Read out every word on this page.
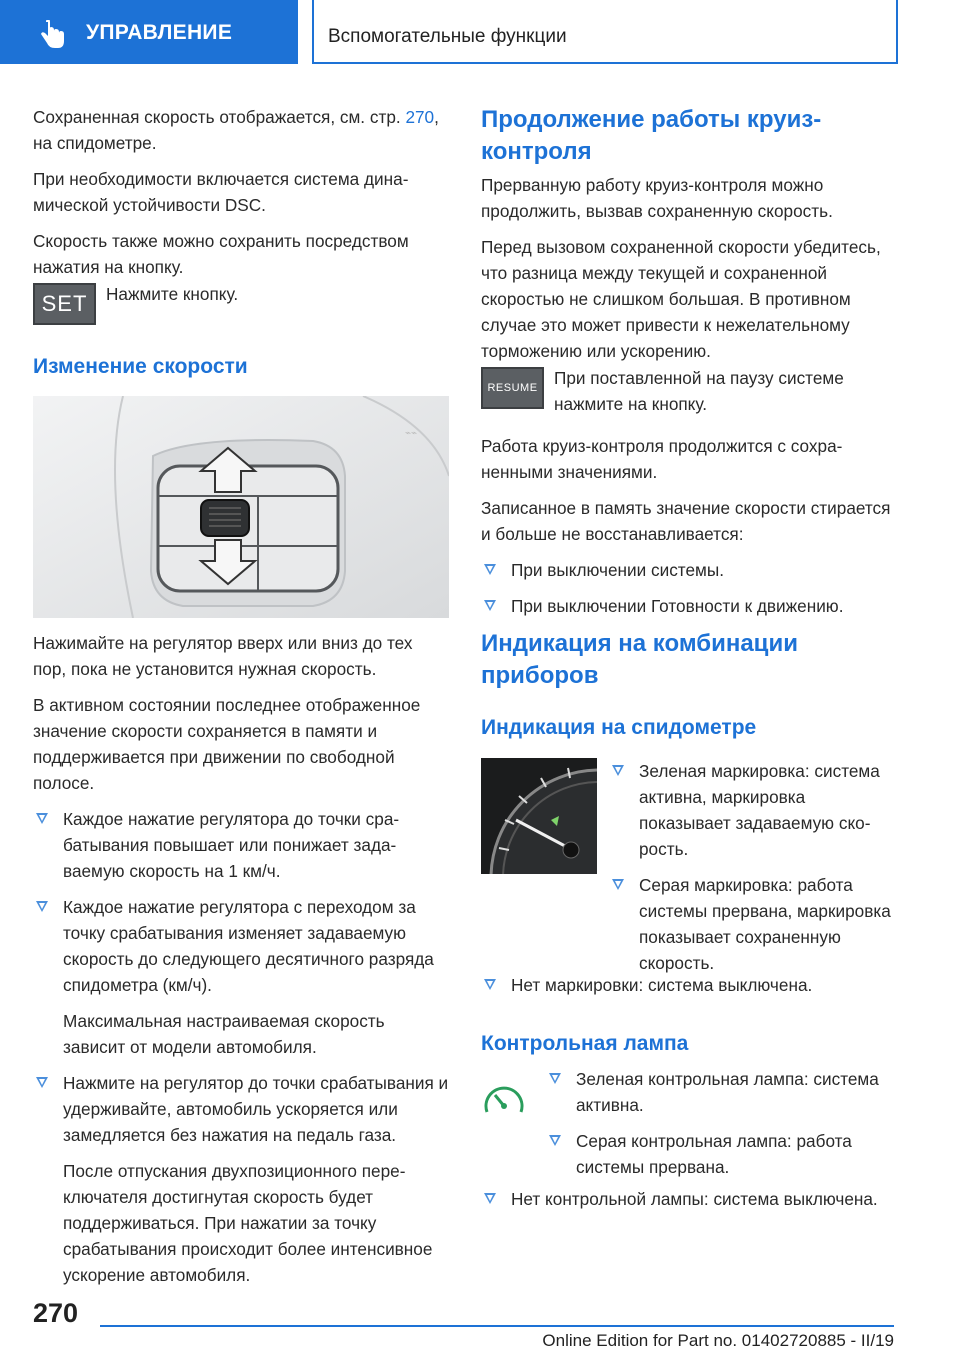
УПРАВЛЕНИЕ	Вспомогательные функции

Сохраненная скорость отображается, см. стр. 270, на спидометре.

При необходимости включается система динамической устойчивости DSC.

Скорость также можно сохранить посредством нажатия на кнопку.

SET Нажмите кнопку.
Изменение скорости
⌁⌁

Нажимайте на регулятор вверх или вниз до тех пор, пока не установится нужная скорость.

В активном состоянии последнее отображенное значение скорости сохраняется в памяти и поддерживается при движении по свободной полосе.

Каждое нажатие регулятора до точки срабатывания повышает или понижает задаваемую скорость на 1 км/ч.
Каждое нажатие регулятора с переходом за точку срабатывания изменяет задаваемую скорость до следующего десятичного разряда спидометра (км/ч).
Максимальная настраиваемая скорость зависит от модели автомобиля.
Нажмите на регулятор до точки срабатывания и удерживайте, автомобиль ускоряется или замедляется без нажатия на педаль газа.
После отпускания двухпозиционного переключателя достигнутая скорость будет поддерживаться. При нажатии за точку срабатывания происходит более интенсивное ускорение автомобиля.
Продолжение работы круиз-контроля

Прерванную работу круиз-контроля можно продолжить, вызвав сохраненную скорость.

Перед вызовом сохраненной скорости убедитесь, что разница между текущей и сохраненной скоростью не слишком большая. В противном случае это может привести к нежелательному торможению или ускорению.

RESUME При поставленной на паузу системе нажмите на кнопку.

Работа круиз-контроля продолжится с сохраненными значениями.

Записанное в память значение скорости стирается и больше не восстанавливается:

При выключении системы.
При выключении Готовности к движению.
Индикация на комбинации приборов
Индикация на спидометре
Зеленая маркировка: система активна, маркировка показывает задаваемую скорость.
Серая маркировка: работа системы прервана, маркировка показывает сохраненную скорость.
Нет маркировки: система выключена.
Контрольная лампа
Зеленая контрольная лампа: система активна.
Серая контрольная лампа: работа системы прервана.
Нет контрольной лампы: система выключена.
270
Online Edition for Part no. 01402720885 - II/19
